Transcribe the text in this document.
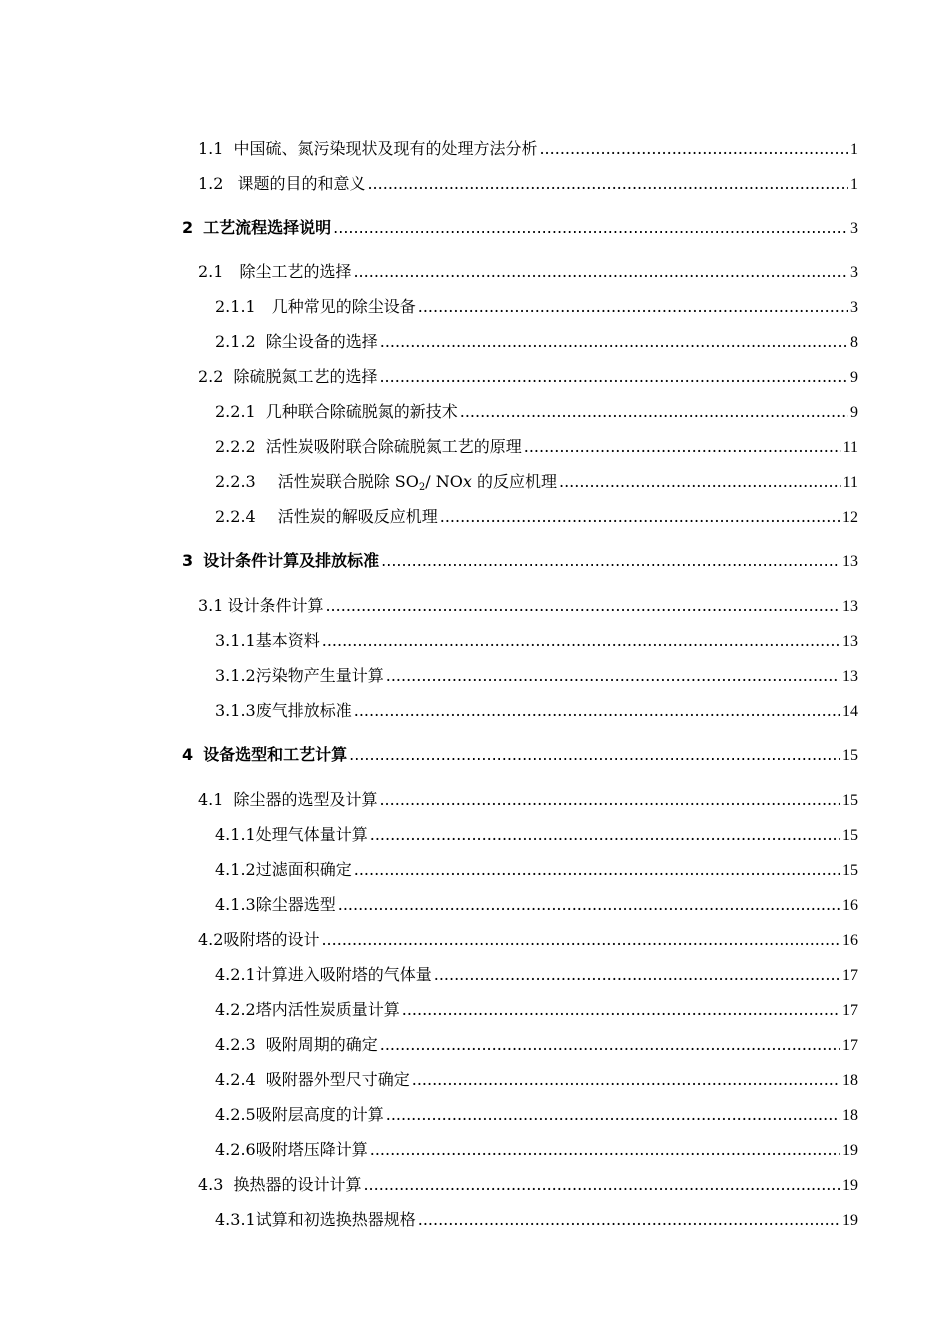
1.1 中国硫、氮污染现状及现有的处理方法分析 .....	1
1.2 课题的目的和意义 .....	1
2 工艺流程选择说明 .....	3
2.1	除尘工艺的选择 .....	3
2.1.1	几种常见的除尘设备 .....	3
2.1.2 除尘设备的选择 .....	8
2.2 除硫脱氮工艺的选择 .....	9
2.2.1 几种联合除硫脱氮的新技术 .....	9
2.2.2 活性炭吸附联合除硫脱氮工艺的原理 .....	11
2.2.3	活性炭联合脱除 $SO_2/$ NOx 的反应机理 .....	11
2.2.4	活性炭的解吸反应机理 .....	12
3 设计条件计算及排放标准 .....	13
3.1 设计条件计算 .....	13
3.1.1 基本资料 .....	13
3.1.2 污染物产生量计算 .....	13
3.1.3 废气排放标准 .....	14
4 设备选型和工艺计算 .....	15
4.1 除尘器的选型及计算 .....	15
4.1.1 处理气体量计算 .....	15
4.1.2 过滤面积确定 .....	15
4.1.3 除尘器选型 .....	16
4.2 吸附塔的设计 .....	16
4.2.1 计算进入吸附塔的气体量 .....	17
4.2.2 塔内活性炭质量计算 .....	17
4.2.3 吸附周期的确定 .....	17
4.2.4 吸附器外型尺寸确定 .....	18
4.2.5 吸附层高度的计算 .....	18
4.2.6 吸附塔压降计算 .....	19
4.3 换热器的设计计算 .....	19
4.3.1 试算和初选换热器规格 .....	19
